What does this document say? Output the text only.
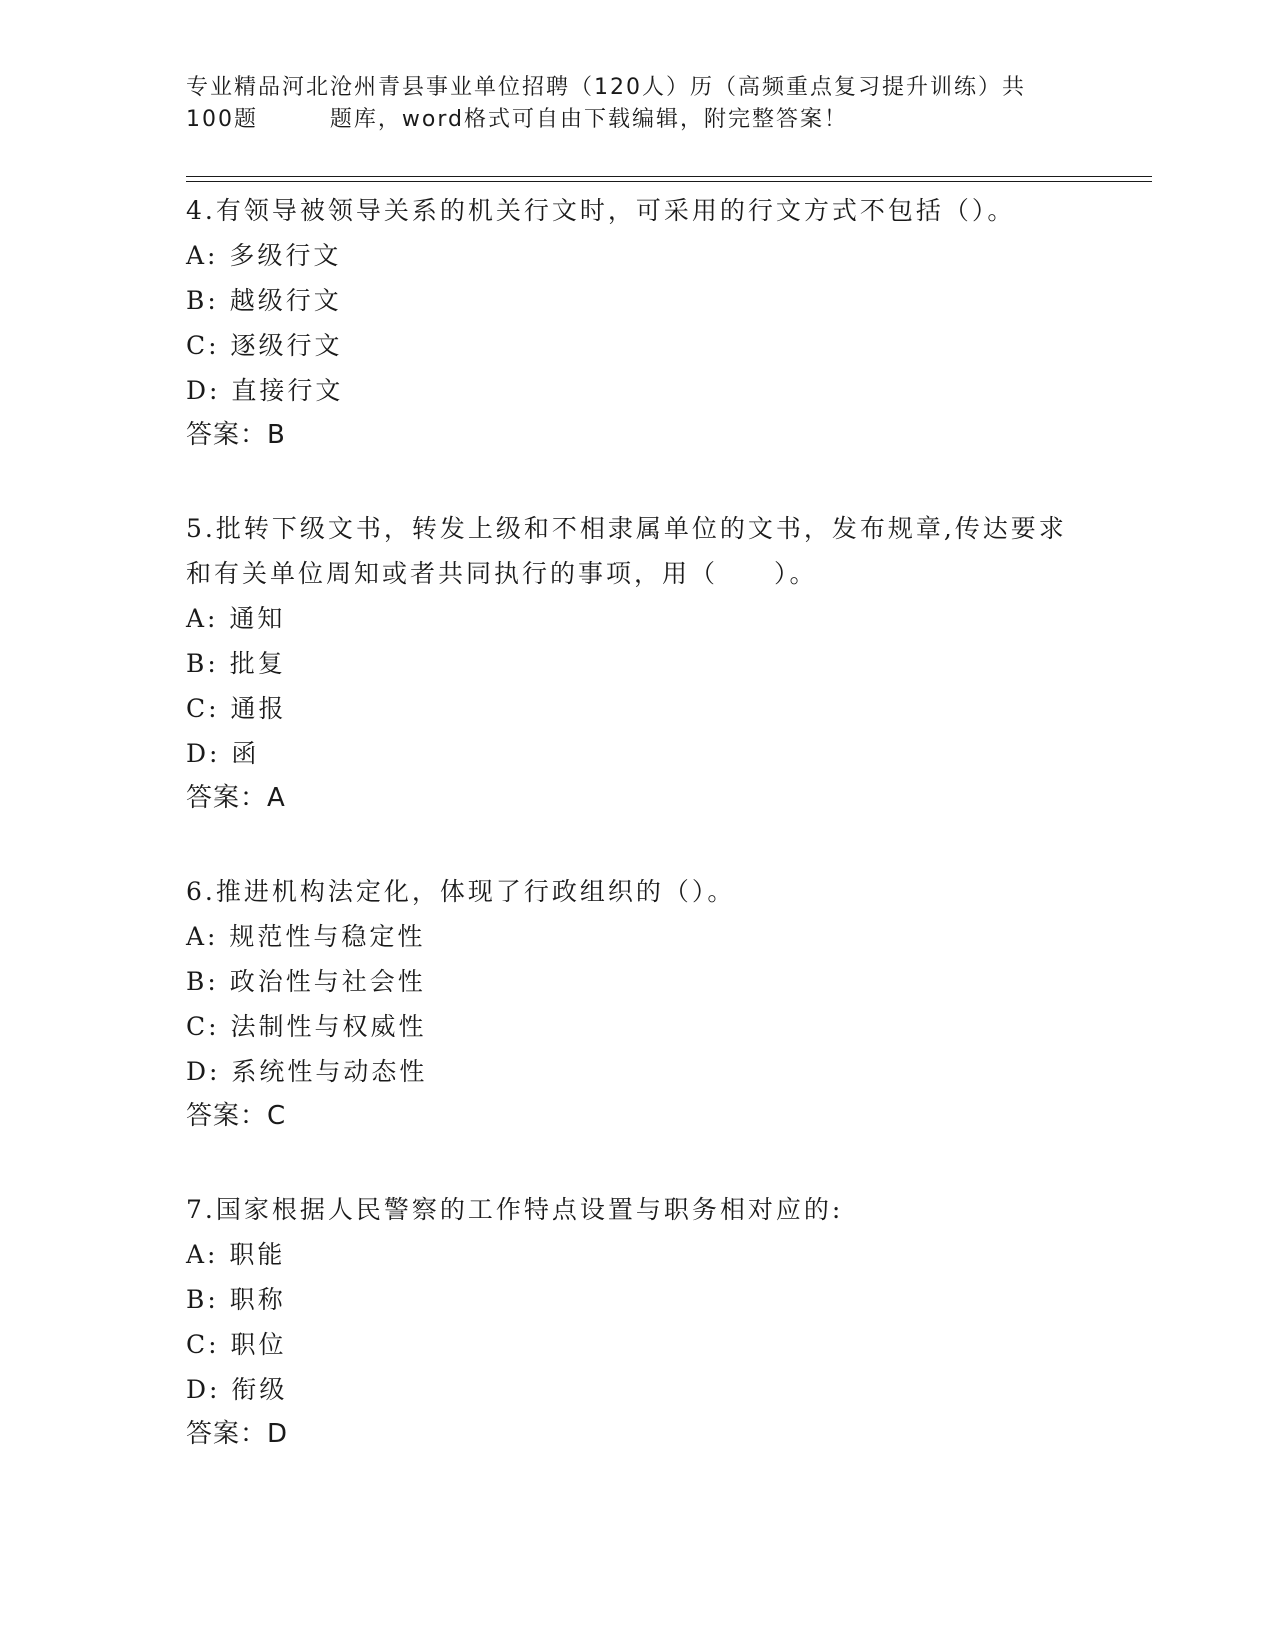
专业精品河北沧州青县事业单位招聘（120人）历（高频重点复习提升训练）共
100题        题库，word格式可自由下载编辑，附完整答案！

4.有领导被领导关系的机关行文时，可采用的行文方式不包括（）。

A: 多级行文

B: 越级行文

C: 逐级行文

D: 直接行文

答案：B

5.批转下级文书，转发上级和不相隶属单位的文书，发布规章,传达要求和有关单位周知或者共同执行的事项，用（　　）。

A: 通知

B: 批复

C: 通报

D: 函

答案：A

6.推进机构法定化，体现了行政组织的（）。

A: 规范性与稳定性

B: 政治性与社会性

C: 法制性与权威性

D: 系统性与动态性

答案：C

7.国家根据人民警察的工作特点设置与职务相对应的:

A: 职能

B: 职称

C: 职位

D: 衔级

答案：D
